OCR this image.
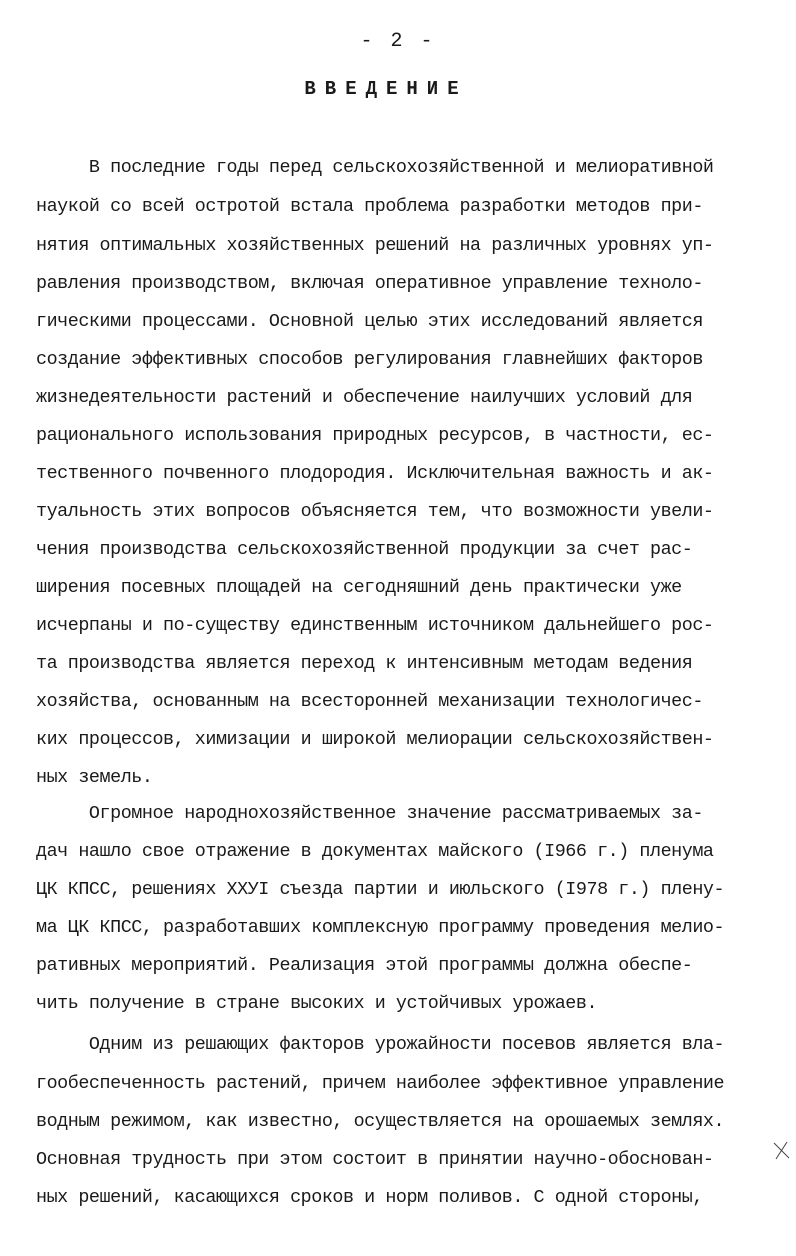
- 2 -
ВВЕДЕНИЕ
В последние годы перед сельскохозяйственной и мелиоративной
наукой со всей остротой встала проблема разработки методов при-
нятия оптимальных хозяйственных решений на различных уровнях уп-
равления производством, включая оперативное управление техноло-
гическими процессами. Основной целью этих исследований является
создание эффективных способов регулирования главнейших факторов
жизнедеятельности растений и обеспечение наилучших условий для
рационального использования природных ресурсов, в частности, ес-
тественного почвенного плодородия. Исключительная важность и ак-
туальность этих вопросов объясняется тем, что возможности увели-
чения производства сельскохозяйственной продукции за счет рас-
ширения посевных площадей на сегодняшний день практически уже
исчерпаны и по-существу единственным источником дальнейшего рос-
та производства является переход к интенсивным методам ведения
хозяйства, основанным на всесторонней механизации технологичес-
ких процессов, химизации и широкой мелиорации сельскохозяйствен-
ных земель.
Огромное народнохозяйственное значение рассматриваемых за-
дач нашло свое отражение в документах майского (I966 г.) пленума
ЦК КПСС, решениях ХХУI съезда партии и июльского (I978 г.) плену-
ма ЦК КПСС, разработавших комплексную программу проведения мелио-
ративных мероприятий. Реализация этой программы должна обеспе-
чить получение в стране высоких и устойчивых урожаев.
Одним из решающих факторов урожайности посевов является вла-
гообеспеченность растений, причем наиболее эффективное управление
водным режимом, как известно, осуществляется на орошаемых землях.
Основная трудность при этом состоит в принятии научно-обоснован-
ных решений, касающихся сроков и норм поливов. С одной стороны,
